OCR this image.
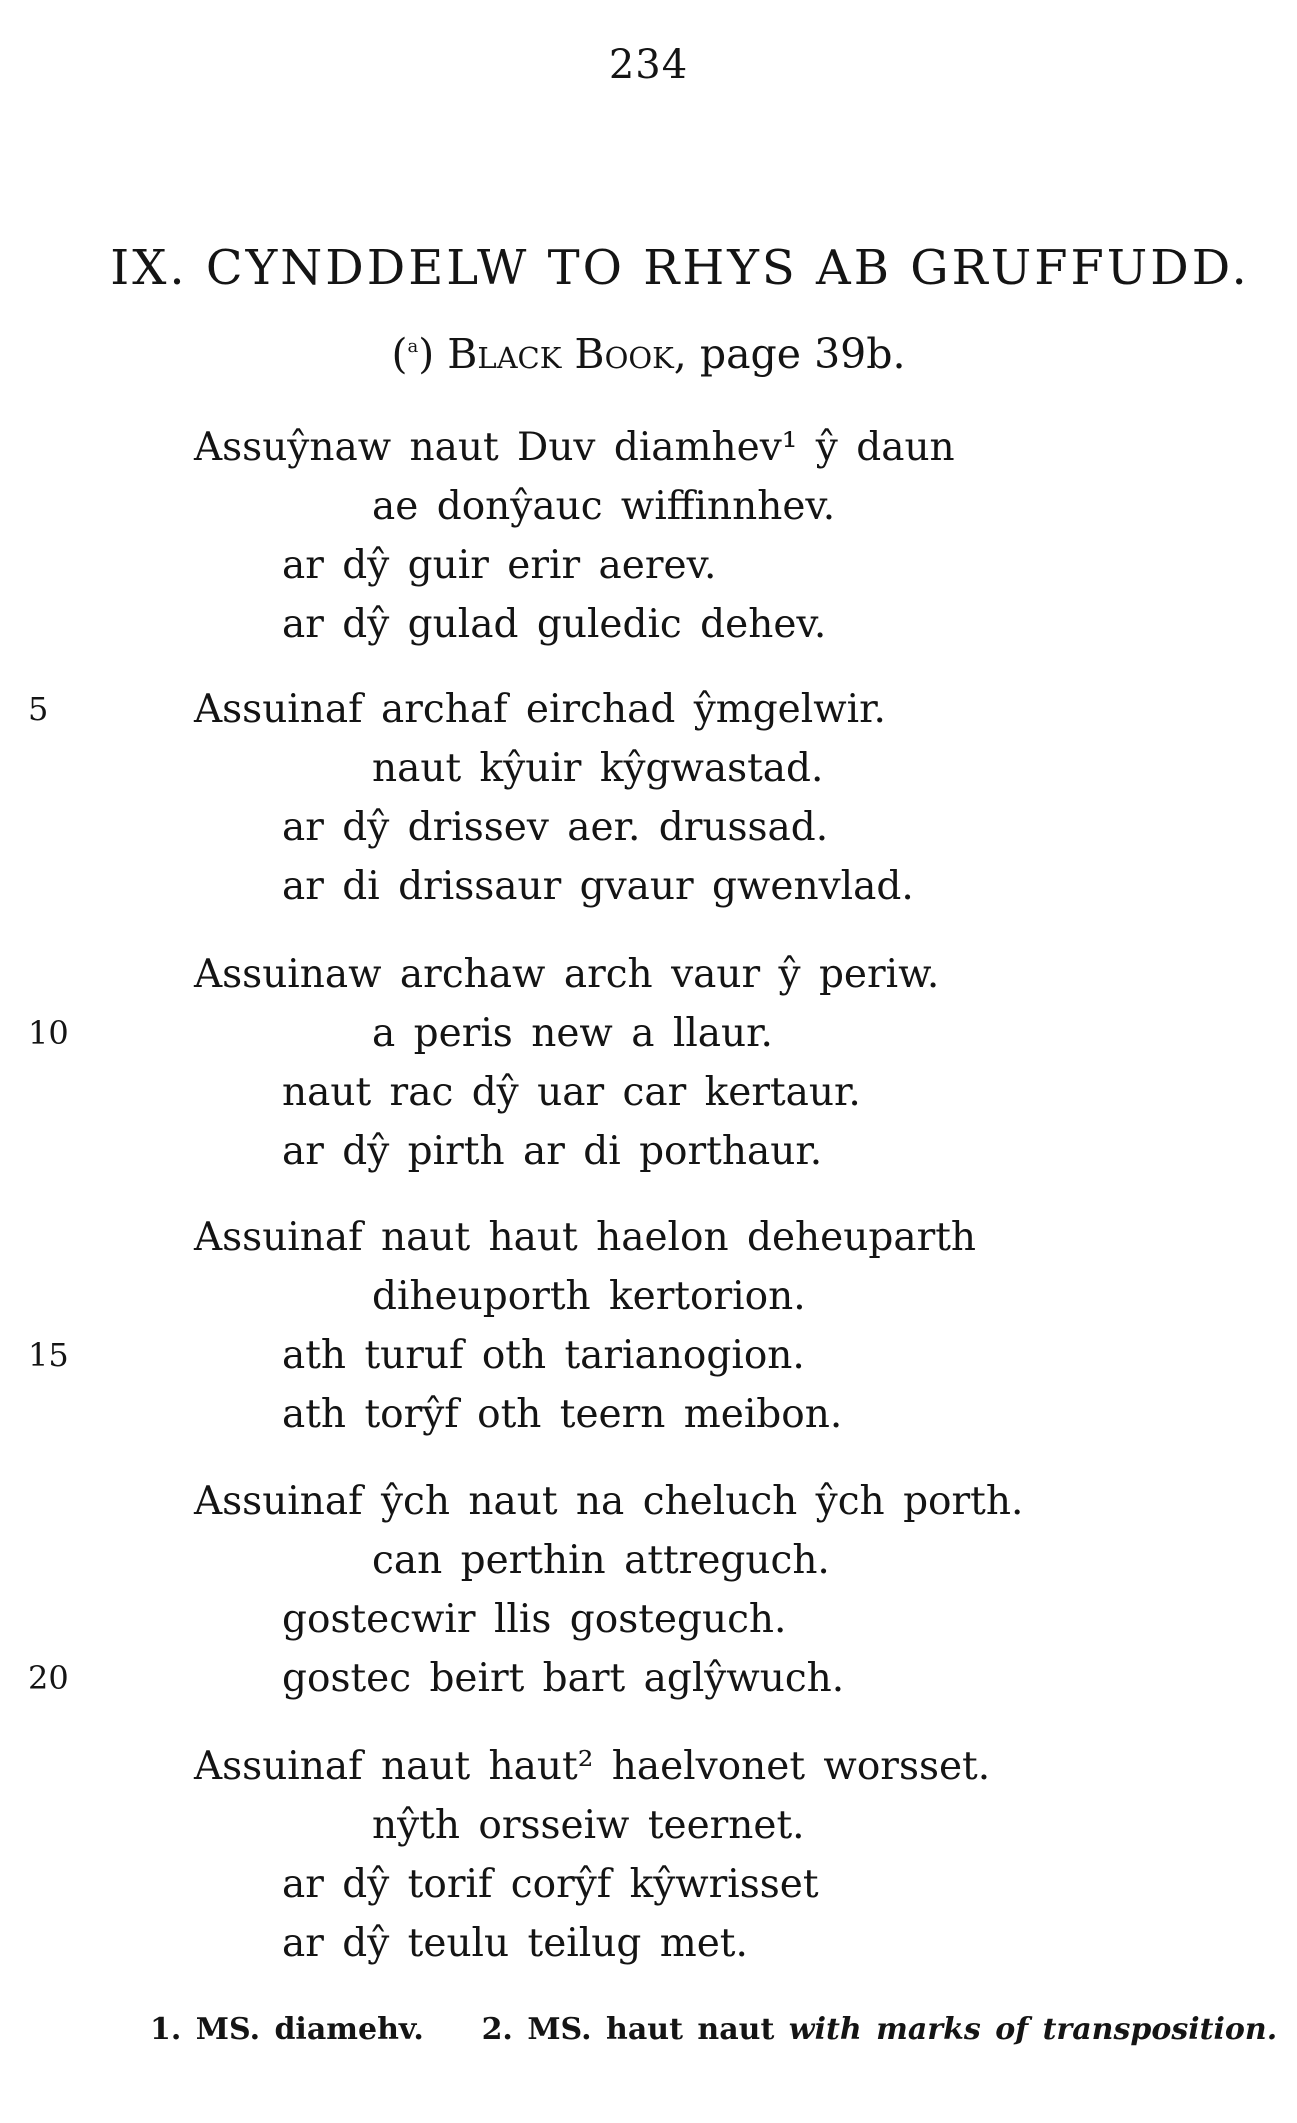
234
IX. CYNDDELW TO RHYS AB GRUFFUDD.
($^a$) Black Book, page 39b.
Assuŷnaw naut Duv diamhev¹ ŷ daun
ae donŷauc wiffinnhev.
ar dŷ guir erir aerev.
ar dŷ gulad guledic dehev.
5	Assuinaf archaf eirchad ŷmgelwir.
naut kŷuir kŷgwastad.
ar dŷ drissev aer. drussad.
ar di drissaur gvaur gwenvlad.
Assuinaw archaw arch vaur ŷ periw.
10	a peris new a llaur.
naut rac dŷ uar car kertaur.
ar dŷ pirth ar di porthaur.
Assuinaf naut haut haelon deheuparth
diheuporth kertorion.
15	ath turuf oth tarianogion.
ath torŷf oth teern meibon.
Assuinaf ŷch naut na cheluch ŷch porth.
can perthin attreguch.
gostecwir llis gosteguch.
20	gostec beirt bart aglŷwuch.
Assuinaf naut haut² haelvonet worsset.
nŷth orsseiw teernet.
ar dŷ torif corŷf kŷwrisset
ar dŷ teulu teilug met.
1. MS. diamehv. 2. MS. haut naut with marks of transposition.
